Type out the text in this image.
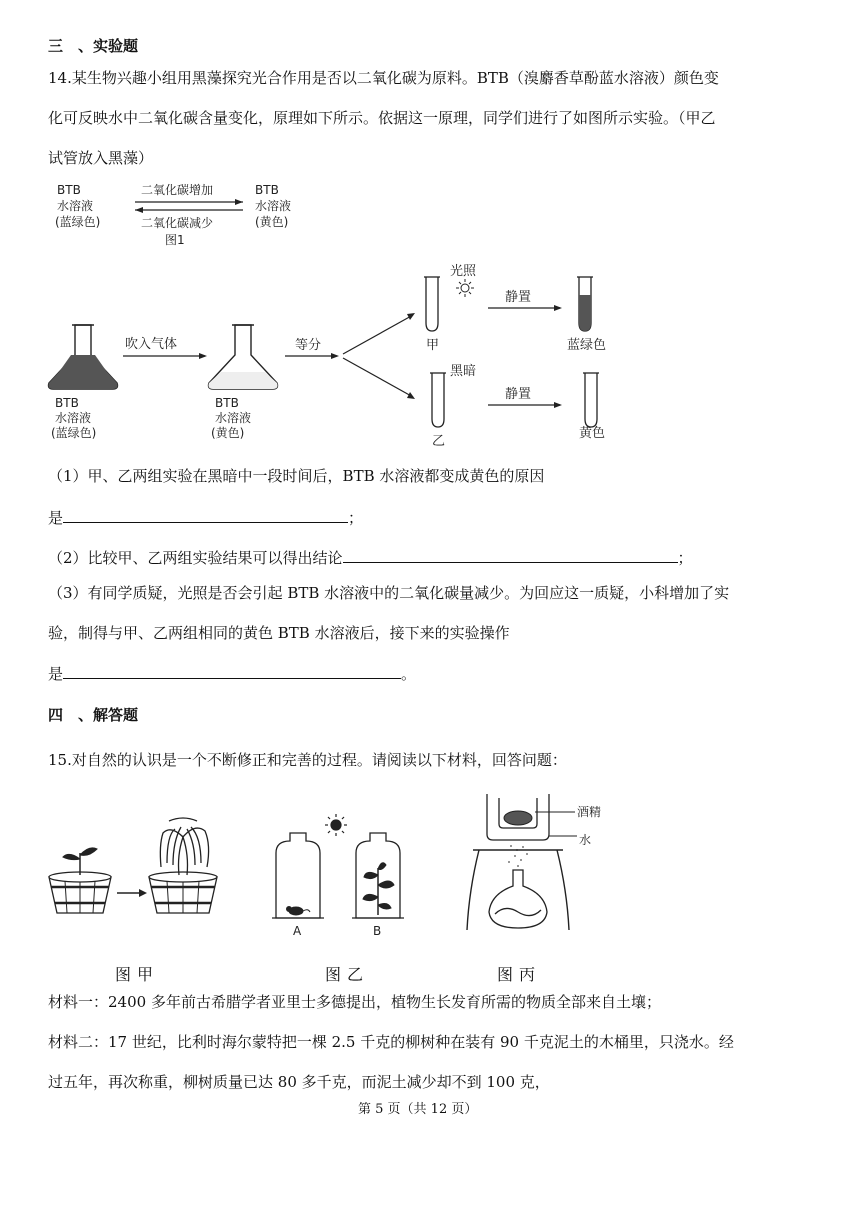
三　、实验题
14.某生物兴趣小组用黑藻探究光合作用是否以二氧化碳为原料。BTB（溴麝香草酚蓝水溶液）颜色变
化可反映水中二氧化碳含量变化，原理如下所示。依据这一原理，同学们进行了如图所示实验。（甲乙
试管放入黑藻）
BTB
水溶液
(蓝绿色)
二氧化碳增加
二氧化碳减少
BTB
水溶液
(黄色)
图1
BTB
水溶液
(蓝绿色)
吹入气体
BTB
水溶液
(黄色)
等分
光照
甲
静置
蓝绿色
黑暗
乙
静置
黄色
（1）甲、乙两组实验在黑暗中一段时间后，BTB 水溶液都变成黄色的原因
是	；
（2）比较甲、乙两组实验结果可以得出结论	；
（3）有同学质疑，光照是否会引起 BTB 水溶液中的二氧化碳量减少。为回应这一质疑，小科增加了实
验，制得与甲、乙两组相同的黄色 BTB 水溶液后，接下来的实验操作
是	。
四　、解答题
15.对自然的认识是一个不断修正和完善的过程。请阅读以下材料，回答问题：
A	B
酒精
水
图甲	图乙	图丙
材料一：2400 多年前古希腊学者亚里士多德提出，植物生长发育所需的物质全部来自土壤；
材料二：17 世纪，比利时海尔蒙特把一棵 2.5 千克的柳树种在装有 90 千克泥土的木桶里，只浇水。经
过五年，再次称重，柳树质量已达 80 多千克，而泥土减少却不到 100 克，
第 5 页（共 12 页）
